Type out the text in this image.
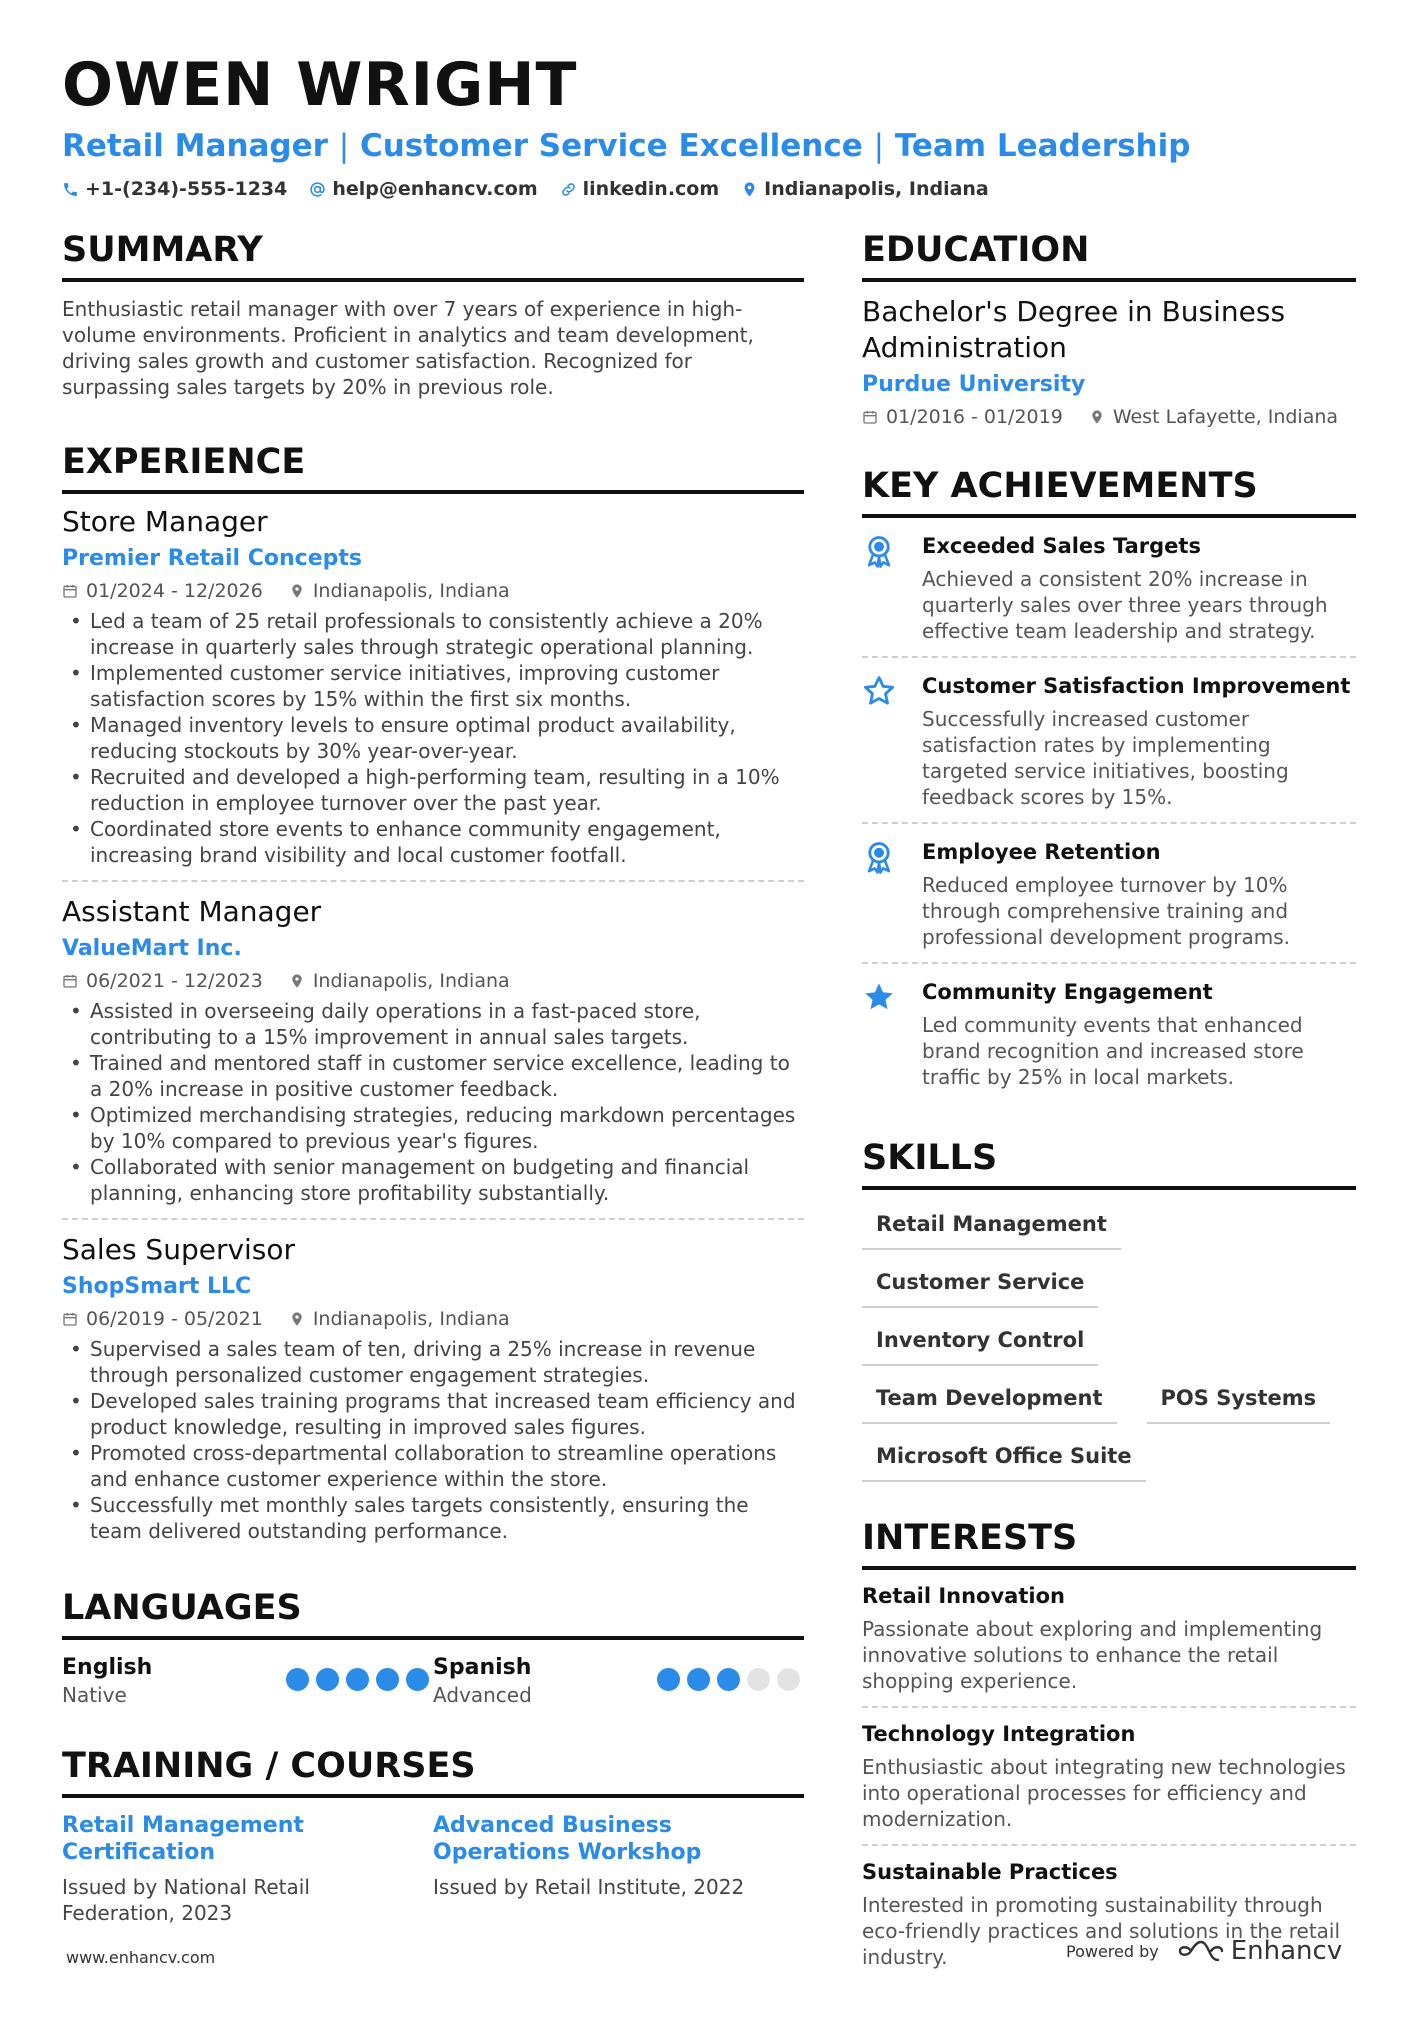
OWEN WRIGHT
Retail Manager | Customer Service Excellence | Team Leadership
+1-(234)-555-1234 help@enhancv.com linkedin.com Indianapolis, Indiana
SUMMARY
Enthusiastic retail manager with over 7 years of experience in high-volume environments. Proficient in analytics and team development, driving sales growth and customer satisfaction. Recognized for surpassing sales targets by 20% in previous role.
EXPERIENCE
Store Manager
Premier Retail Concepts
01/2024 - 12/2026	Indianapolis, Indiana
• Led a team of 25 retail professionals to consistently achieve a 20% increase in quarterly sales through strategic operational planning.
• Implemented customer service initiatives, improving customer satisfaction scores by 15% within the first six months.
• Managed inventory levels to ensure optimal product availability, reducing stockouts by 30% year-over-year.
• Recruited and developed a high-performing team, resulting in a 10% reduction in employee turnover over the past year.
• Coordinated store events to enhance community engagement, increasing brand visibility and local customer footfall.
Assistant Manager
ValueMart Inc.
06/2021 - 12/2023	Indianapolis, Indiana
• Assisted in overseeing daily operations in a fast-paced store, contributing to a 15% improvement in annual sales targets.
• Trained and mentored staff in customer service excellence, leading to a 20% increase in positive customer feedback.
• Optimized merchandising strategies, reducing markdown percentages by 10% compared to previous year's figures.
• Collaborated with senior management on budgeting and financial planning, enhancing store profitability substantially.
Sales Supervisor
ShopSmart LLC
06/2019 - 05/2021	Indianapolis, Indiana
• Supervised a sales team of ten, driving a 25% increase in revenue through personalized customer engagement strategies.
• Developed sales training programs that increased team efficiency and product knowledge, resulting in improved sales figures.
• Promoted cross-departmental collaboration to streamline operations and enhance customer experience within the store.
• Successfully met monthly sales targets consistently, ensuring the team delivered outstanding performance.
LANGUAGES
English
Native
Spanish
Advanced
TRAINING / COURSES
Retail Management Certification
Issued by National Retail Federation, 2023
Advanced Business Operations Workshop
Issued by Retail Institute, 2022
EDUCATION
Bachelor's Degree in Business Administration
Purdue University
01/2016 - 01/2019	West Lafayette, Indiana
KEY ACHIEVEMENTS
Exceeded Sales Targets
Achieved a consistent 20% increase in quarterly sales over three years through effective team leadership and strategy.
Customer Satisfaction Improvement
Successfully increased customer satisfaction rates by implementing targeted service initiatives, boosting feedback scores by 15%.
Employee Retention
Reduced employee turnover by 10% through comprehensive training and professional development programs.
Community Engagement
Led community events that enhanced brand recognition and increased store traffic by 25% in local markets.
SKILLS
Retail Management
Customer Service
Inventory Control
Team Development	POS Systems
Microsoft Office Suite
INTERESTS
Retail Innovation
Passionate about exploring and implementing innovative solutions to enhance the retail shopping experience.
Technology Integration
Enthusiastic about integrating new technologies into operational processes for efficiency and modernization.
Sustainable Practices
Interested in promoting sustainability through eco-friendly practices and solutions in the retail industry.
www.enhancv.com	Powered by	Enhancv
